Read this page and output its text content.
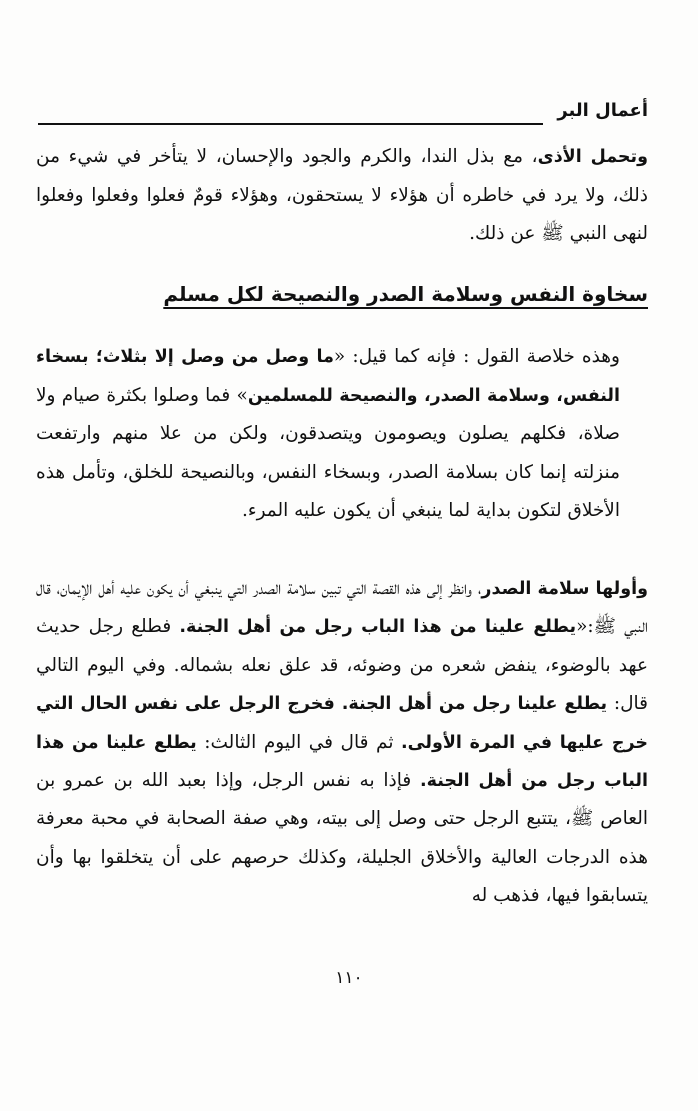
أعمال البر

وتحمل الأذى، مع بذل الندا، والكرم والجود والإحسان، لا يتأخر في شيء من ذلك، ولا يرد في خاطره أن هؤلاء لا يستحقون، وهؤلاء قومٌ فعلوا وفعلوا وفعلوا لنهى النبي ﷺ عن ذلك.

سخاوة النفس وسلامة الصدر والنصيحة لكل مسلم

وهذه خلاصة القول : فإنه كما قيل: «ما وصل من وصل إلا بثلاث؛ بسخاء النفس، وسلامة الصدر، والنصيحة للمسلمين» فما وصلوا بكثرة صيام ولا صلاة، فكلهم يصلون ويصومون ويتصدقون، ولكن من علا منهم وارتفعت منزلته إنما كان بسلامة الصدر، وبسخاء النفس، وبالنصيحة للخلق، وتأمل هذه الأخلاق لتكون بداية لما ينبغي أن يكون عليه المرء.

وأولها سلامة الصدر، وانظر إلى هذه القصة التي تبين سلامة الصدر التي ينبغي أن يكون عليه أهل الإيمان، قال النبي ﷺ:«يطلع علينا من هذا الباب رجل من أهل الجنة. فطلع رجل حديث عهد بالوضوء، ينفض شعره من وضوئه، قد علق نعله بشماله. وفي اليوم التالي قال: يطلع علينا رجل من أهل الجنة. فخرج الرجل على نفس الحال التي خرج عليها في المرة الأولى. ثم قال في اليوم الثالث: يطلع علينا من هذا الباب رجل من أهل الجنة. فإذا به نفس الرجل، وإذا بعبد الله بن عمرو بن العاص ﷺ، يتتبع الرجل حتى وصل إلى بيته، وهي صفة الصحابة في محبة معرفة هذه الدرجات العالية والأخلاق الجليلة، وكذلك حرصهم على أن يتخلقوا بها وأن يتسابقوا فيها، فذهب له

١١٠
